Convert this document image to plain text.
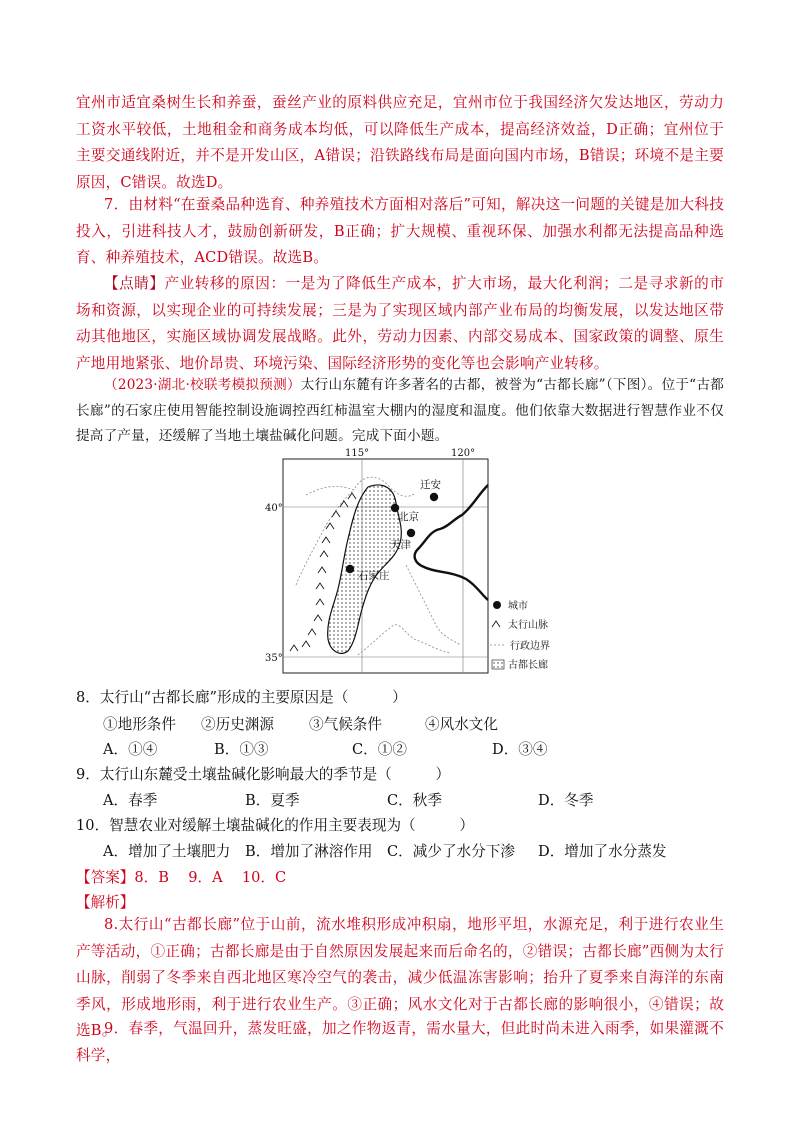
宜州市适宜桑树生长和养蚕，蚕丝产业的原料供应充足，宜州市位于我国经济欠发达地区，劳动力工资水平较低，土地租金和商务成本均低，可以降低生产成本，提高经济效益，D正确；宜州位于主要交通线附近，并不是开发山区，A错误；沿铁路线布局是面向国内市场，B错误；环境不是主要原因，C错误。故选D。

7．由材料“在蚕桑品种选育、种养殖技术方面相对落后”可知，解决这一问题的关键是加大科技投入，引进科技人才，鼓励创新研发，B正确；扩大规模、重视环保、加强水利都无法提高品种选育、种养殖技术，ACD错误。故选B。

【点睛】产业转移的原因：一是为了降低生产成本，扩大市场，最大化利润；二是寻求新的市场和资源，以实现企业的可持续发展；三是为了实现区域内部产业布局的均衡发展，以发达地区带动其他地区，实施区域协调发展战略。此外，劳动力因素、内部交易成本、国家政策的调整、原生产地用地紧张、地价昂贵、环境污染、国际经济形势的变化等也会影响产业转移。

（2023·湖北·校联考模拟预测）太行山东麓有许多著名的古都，被誉为“古都长廊”（下图）。位于“古都长廊”的石家庄使用智能控制设施调控西红柿温室大棚内的湿度和温度。他们依靠大数据进行智慧作业不仅提高了产量，还缓解了当地土壤盐碱化问题。完成下面小题。

115°	120°
40°
35°
迁安
北京
天津
石家庄
城市
太行山脉
行政边界
古都长廊
8．太行山“古都长廊”形成的主要原因是（　　　）
①地形条件 ②历史渊源 ③气候条件	④风水文化
A．①④	B．①③	C．①②	D．③④
9．太行山东麓受土壤盐碱化影响最大的季节是（　　　）
A．春季	B．夏季	C．秋季	D．冬季
10．智慧农业对缓解土壤盐碱化的作用主要表现为（　　　）
A．增加了土壤肥力 B．增加了淋溶作用 C．减少了水分下渗 D．增加了水分蒸发
【答案】8．B　 9．A　 10．C
【解析】

8.太行山“古都长廊”位于山前，流水堆积形成冲积扇，地形平坦，水源充足，利于进行农业生产等活动，①正确；古都长廊是由于自然原因发展起来而后命名的，②错误；古都长廊”西侧为太行山脉，削弱了冬季来自西北地区寒冷空气的袭击，减少低温冻害影响；抬升了夏季来自海洋的东南季风，形成地形雨，利于进行农业生产。③正确；风水文化对于古都长廊的影响很小，④错误；故选B。

9．春季，气温回升，蒸发旺盛，加之作物返青，需水量大，但此时尚未进入雨季，如果灌溉不科学，
